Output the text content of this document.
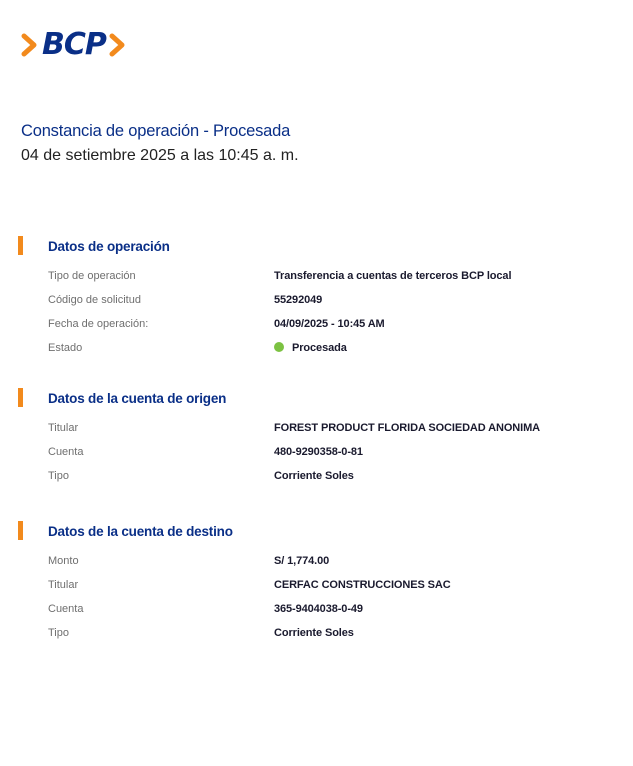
BCP
Constancia de operación - Procesada
04 de setiembre 2025 a las 10:45 a. m.
Datos de operación
Tipo de operación	Transferencia a cuentas de terceros BCP local
Código de solicitud	55292049
Fecha de operación:	04/09/2025 - 10:45 AM
Estado	Procesada
Datos de la cuenta de origen
Titular	FOREST PRODUCT FLORIDA SOCIEDAD ANONIMA
Cuenta	480-9290358-0-81
Tipo	Corriente Soles
Datos de la cuenta de destino
Monto	S/ 1,774.00
Titular	CERFAC CONSTRUCCIONES SAC
Cuenta	365-9404038-0-49
Tipo	Corriente Soles
